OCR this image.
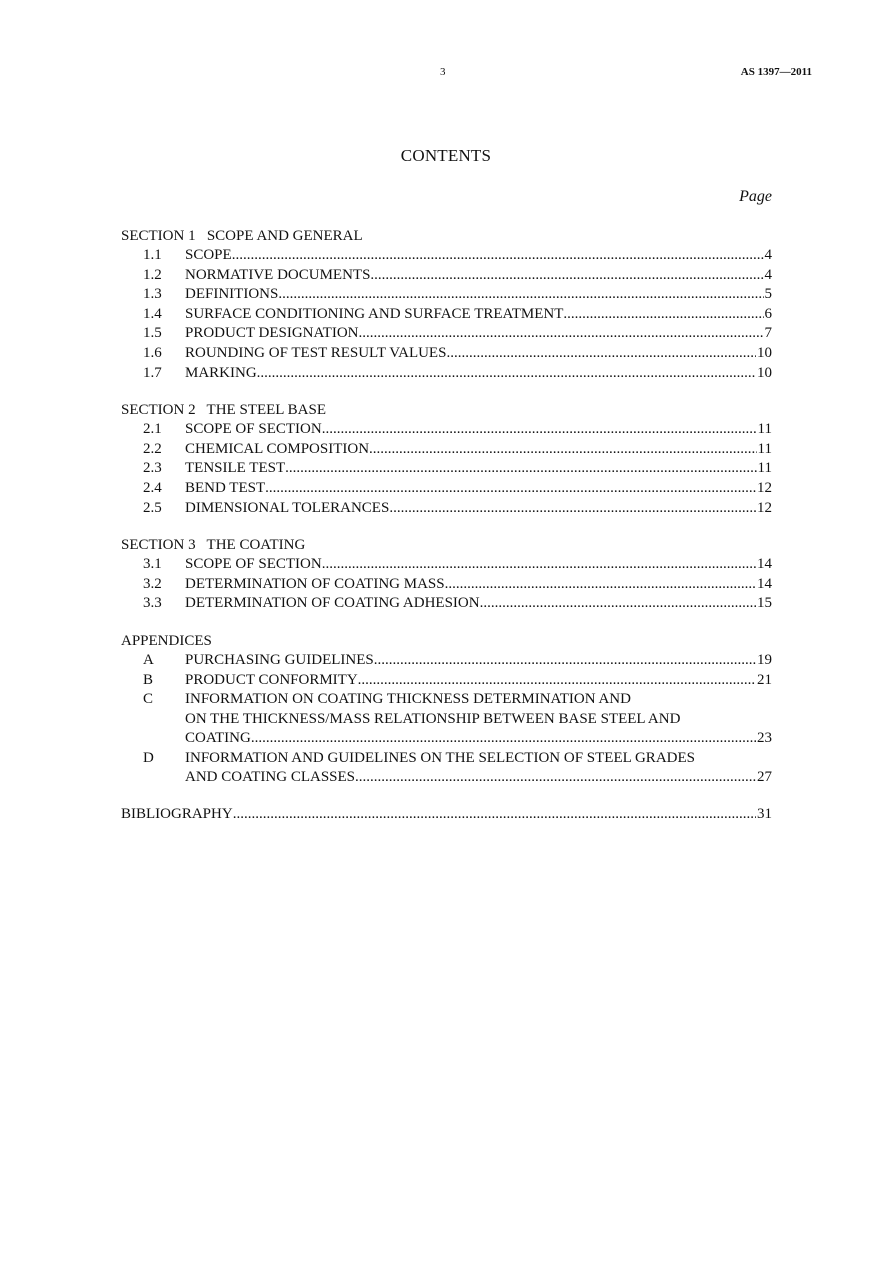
3	AS 1397—2011
CONTENTS
Page
SECTION 1   SCOPE AND GENERAL
1.1	SCOPE .....	4
1.2	NORMATIVE DOCUMENTS .....	4
1.3	DEFINITIONS .....	5
1.4	SURFACE CONDITIONING AND SURFACE TREATMENT .....	6
1.5	PRODUCT DESIGNATION .....	7
1.6	ROUNDING OF TEST RESULT VALUES .....	10
1.7	MARKING .....	10
SECTION 2   THE STEEL BASE
2.1	SCOPE OF SECTION .....	11
2.2	CHEMICAL COMPOSITION .....	11
2.3	TENSILE TEST .....	11
2.4	BEND TEST .....	12
2.5	DIMENSIONAL TOLERANCES .....	12
SECTION 3   THE COATING
3.1	SCOPE OF SECTION .....	14
3.2	DETERMINATION OF COATING MASS .....	14
3.3	DETERMINATION OF COATING ADHESION .....	15
APPENDICES
A	PURCHASING GUIDELINES .....	19
B	PRODUCT CONFORMITY .....	21
C	INFORMATION ON COATING THICKNESS DETERMINATION AND
ON THE THICKNESS/MASS RELATIONSHIP BETWEEN BASE STEEL AND
COATING .....	23
D	INFORMATION AND GUIDELINES ON THE SELECTION OF STEEL GRADES
AND COATING CLASSES .....	27
BIBLIOGRAPHY .....	31
